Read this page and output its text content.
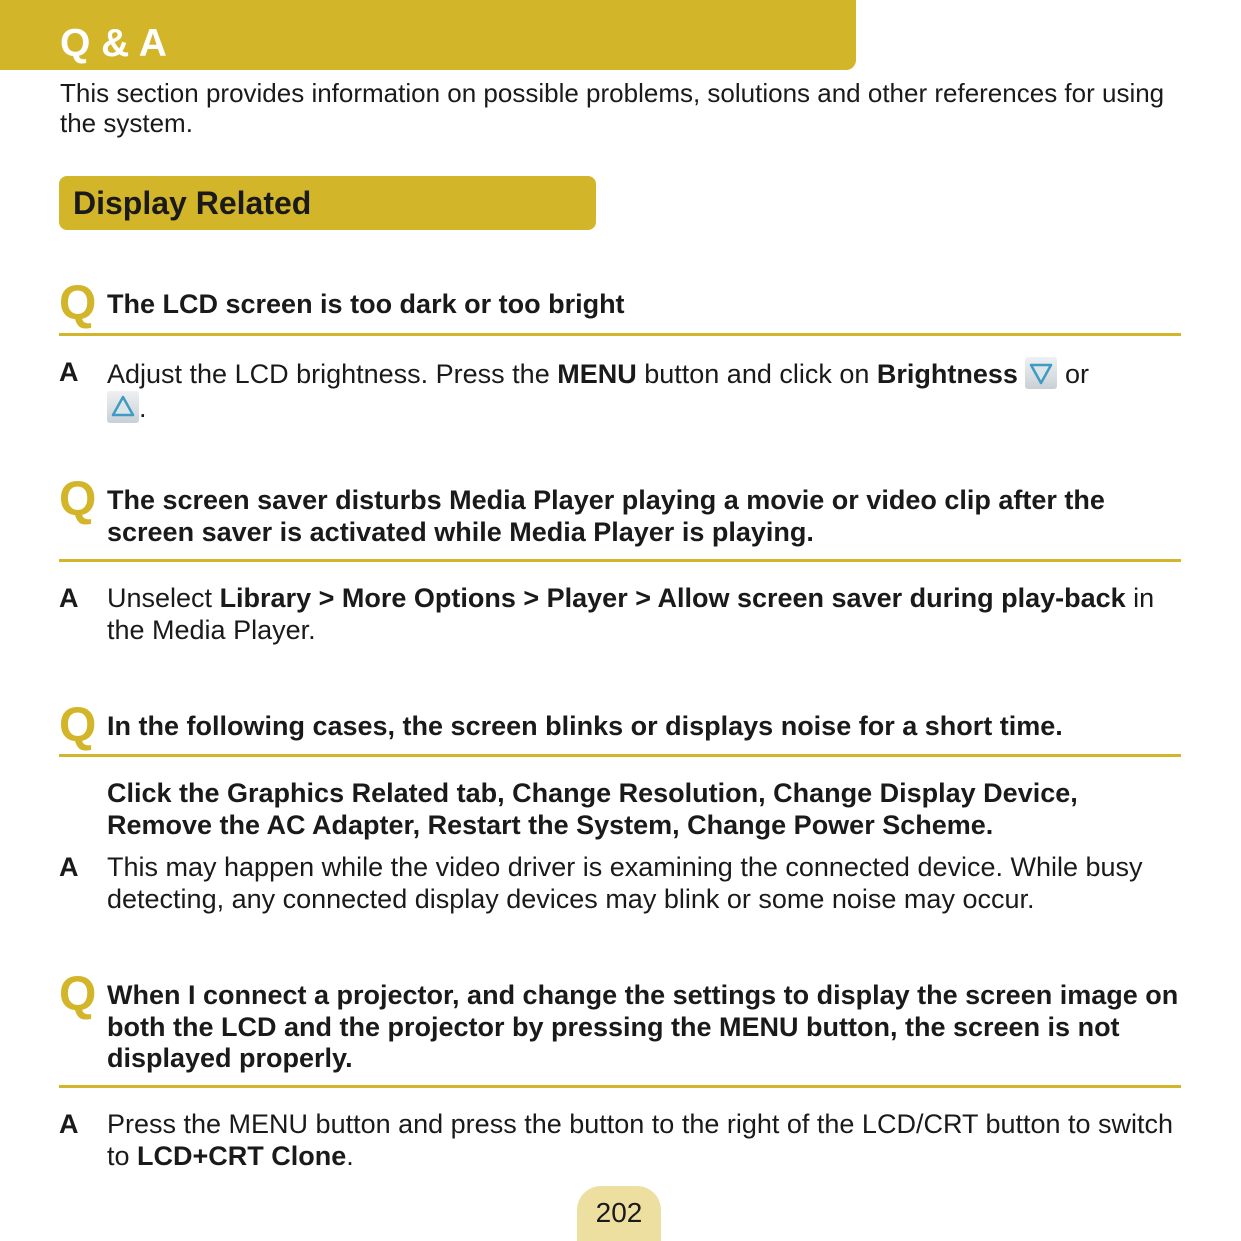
Q & A

This section provides information on possible problems, solutions and other references for using the system.

Display Related
Q The LCD screen is too dark or too bright

A Adjust the LCD brightness. Press the MENU button and click on Brightness
or

.

Q The screen saver disturbs Media Player playing a movie or video clip after the screen saver is activated while Media Player is playing.

A Unselect Library > More Options > Player > Allow screen saver during play-back in the Media Player.

Q In the following cases, the screen blinks or displays noise for a short time.

Click the Graphics Related tab, Change Resolution, Change Display Device, Remove the AC Adapter, Restart the System, Change Power Scheme.

A This may happen while the video driver is examining the connected device. While busy detecting, any connected display devices may blink or some noise may occur.

Q When I connect a projector, and change the settings to display the screen image on both the LCD and the projector by pressing the MENU button, the screen is not displayed properly.

A Press the MENU button and press the button to the right of the LCD/CRT button to switch to LCD+CRT Clone.

202
